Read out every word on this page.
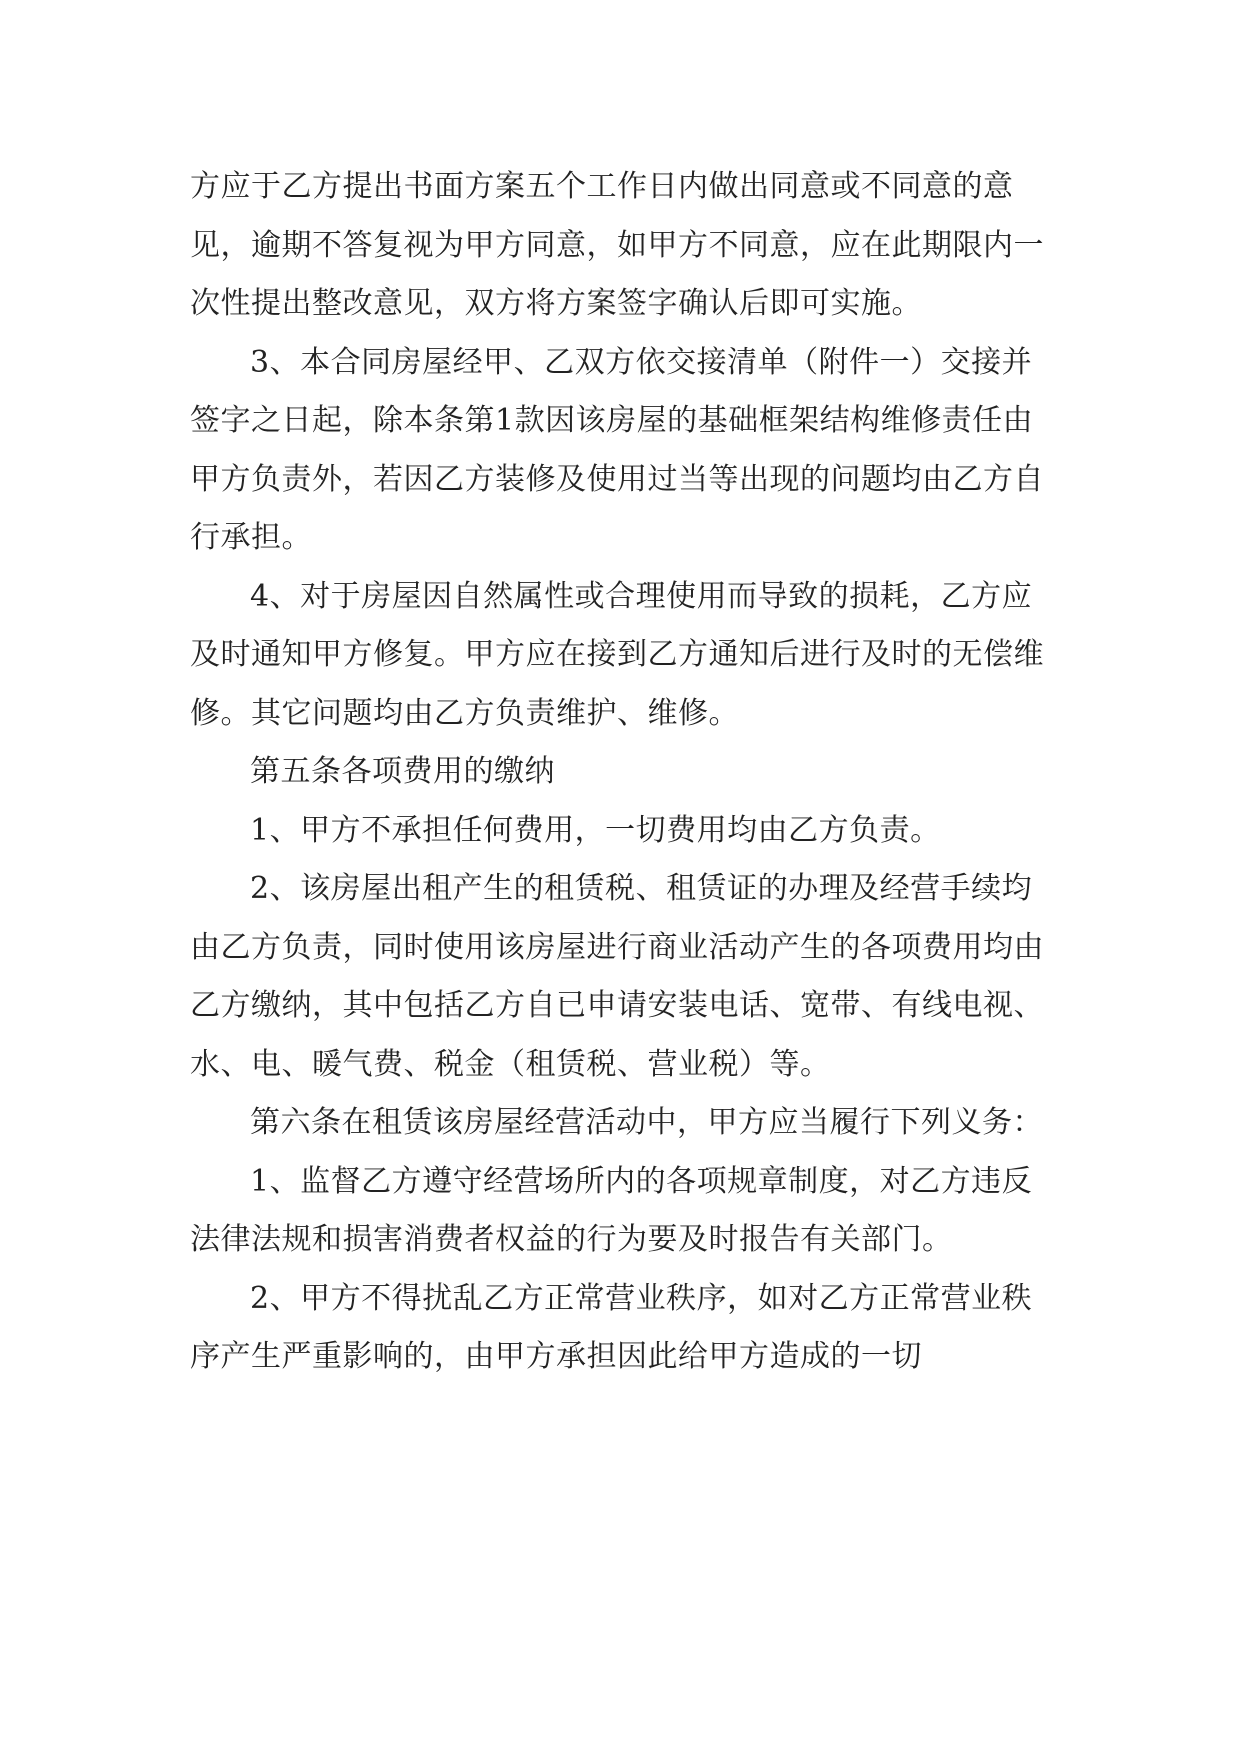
方应于乙方提出书面方案五个工作日内做出同意或不同意的意见，逾期不答复视为甲方同意，如甲方不同意，应在此期限内一次性提出整改意见，双方将方案签字确认后即可实施。

3、本合同房屋经甲、乙双方依交接清单（附件一）交接并签字之日起，除本条第1款因该房屋的基础框架结构维修责任由甲方负责外，若因乙方装修及使用过当等出现的问题均由乙方自行承担。

4、对于房屋因自然属性或合理使用而导致的损耗，乙方应及时通知甲方修复。甲方应在接到乙方通知后进行及时的无偿维修。其它问题均由乙方负责维护、维修。

第五条各项费用的缴纳

1、甲方不承担任何费用，一切费用均由乙方负责。

2、该房屋出租产生的租赁税、租赁证的办理及经营手续均由乙方负责，同时使用该房屋进行商业活动产生的各项费用均由乙方缴纳，其中包括乙方自已申请安装电话、宽带、有线电视、水、电、暖气费、税金（租赁税、营业税）等。

第六条在租赁该房屋经营活动中，甲方应当履行下列义务：

1、监督乙方遵守经营场所内的各项规章制度，对乙方违反法律法规和损害消费者权益的行为要及时报告有关部门。

2、甲方不得扰乱乙方正常营业秩序，如对乙方正常营业秩序产生严重影响的，由甲方承担因此给甲方造成的一切
